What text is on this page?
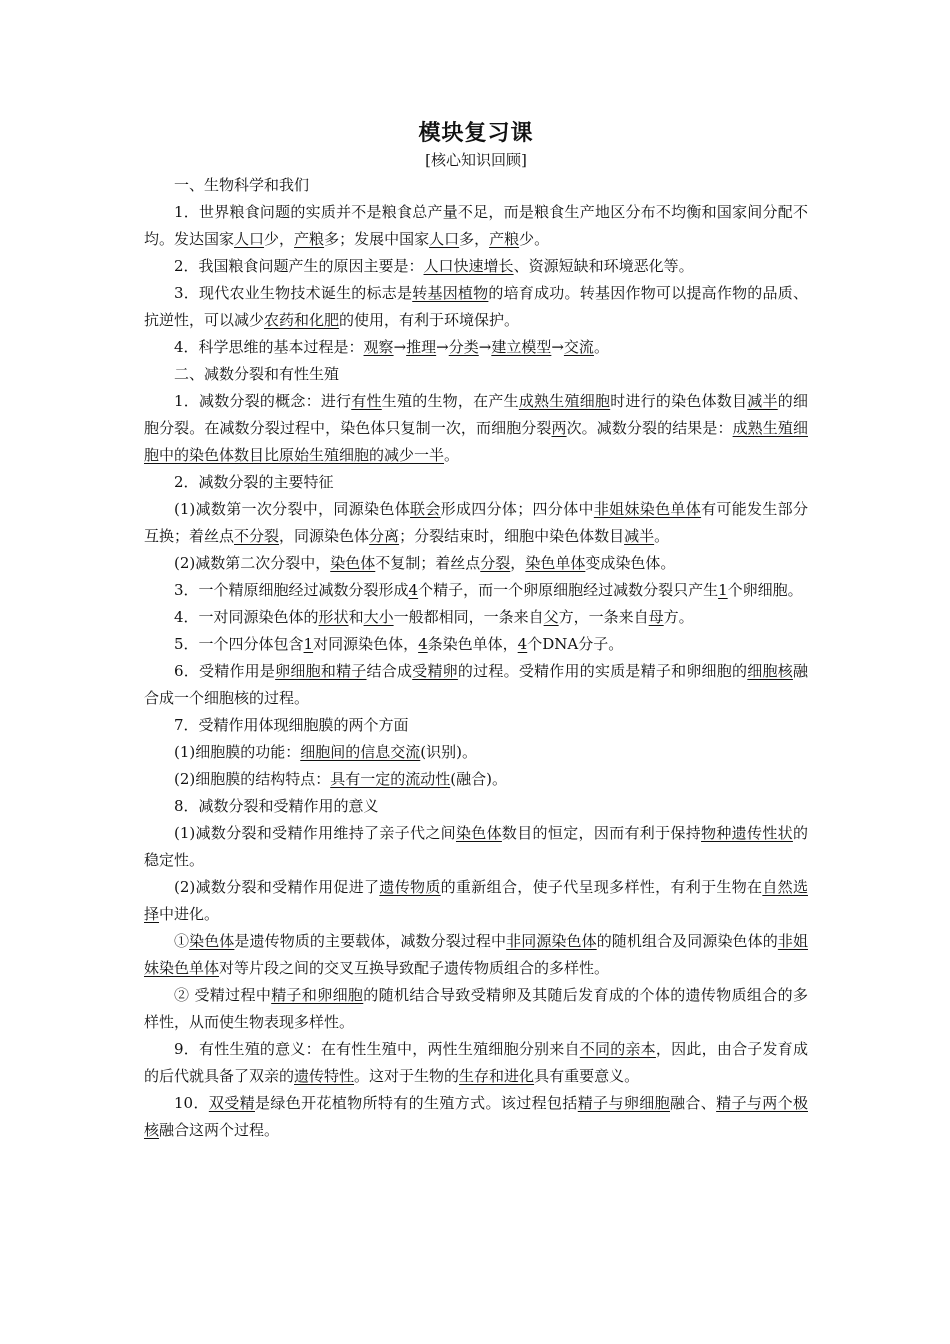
模块复习课
[核心知识回顾]

一、生物科学和我们

1．世界粮食问题的实质并不是粮食总产量不足，而是粮食生产地区分布不均衡和国家间分配不均。发达国家人口少，产粮多；发展中国家人口多，产粮少。

2．我国粮食问题产生的原因主要是：人口快速增长、资源短缺和环境恶化等。

3．现代农业生物技术诞生的标志是转基因植物的培育成功。转基因作物可以提高作物的品质、抗逆性，可以减少农药和化肥的使用，有利于环境保护。

4．科学思维的基本过程是：观察→推理→分类→建立模型→交流。

二、减数分裂和有性生殖

1．减数分裂的概念：进行有性生殖的生物，在产生成熟生殖细胞时进行的染色体数目减半的细胞分裂。在减数分裂过程中，染色体只复制一次，而细胞分裂两次。减数分裂的结果是：成熟生殖细胞中的染色体数目比原始生殖细胞的减少一半。

2．减数分裂的主要特征

(1)减数第一次分裂中，同源染色体联会形成四分体；四分体中非姐妹染色单体有可能发生部分互换；着丝点不分裂，同源染色体分离；分裂结束时，细胞中染色体数目减半。

(2)减数第二次分裂中，染色体不复制；着丝点分裂，染色单体变成染色体。

3．一个精原细胞经过减数分裂形成4个精子，而一个卵原细胞经过减数分裂只产生1个卵细胞。

4．一对同源染色体的形状和大小一般都相同，一条来自父方，一条来自母方。

5．一个四分体包含1对同源染色体，4条染色单体，4个DNA分子。

6．受精作用是卵细胞和精子结合成受精卵的过程。受精作用的实质是精子和卵细胞的细胞核融合成一个细胞核的过程。

7．受精作用体现细胞膜的两个方面

(1)细胞膜的功能：细胞间的信息交流(识别)。

(2)细胞膜的结构特点：具有一定的流动性(融合)。

8．减数分裂和受精作用的意义

(1)减数分裂和受精作用维持了亲子代之间染色体数目的恒定，因而有利于保持物种遗传性状的稳定性。

(2)减数分裂和受精作用促进了遗传物质的重新组合，使子代呈现多样性，有利于生物在自然选择中进化。

①染色体是遗传物质的主要载体，减数分裂过程中非同源染色体的随机组合及同源染色体的非姐妹染色单体对等片段之间的交叉互换导致配子遗传物质组合的多样性。

② 受精过程中精子和卵细胞的随机结合导致受精卵及其随后发育成的个体的遗传物质组合的多样性，从而使生物表现多样性。

9．有性生殖的意义：在有性生殖中，两性生殖细胞分别来自不同的亲本，因此，由合子发育成的后代就具备了双亲的遗传特性。这对于生物的生存和进化具有重要意义。

10．双受精是绿色开花植物所特有的生殖方式。该过程包括精子与卵细胞融合、精子与两个极核融合这两个过程。
